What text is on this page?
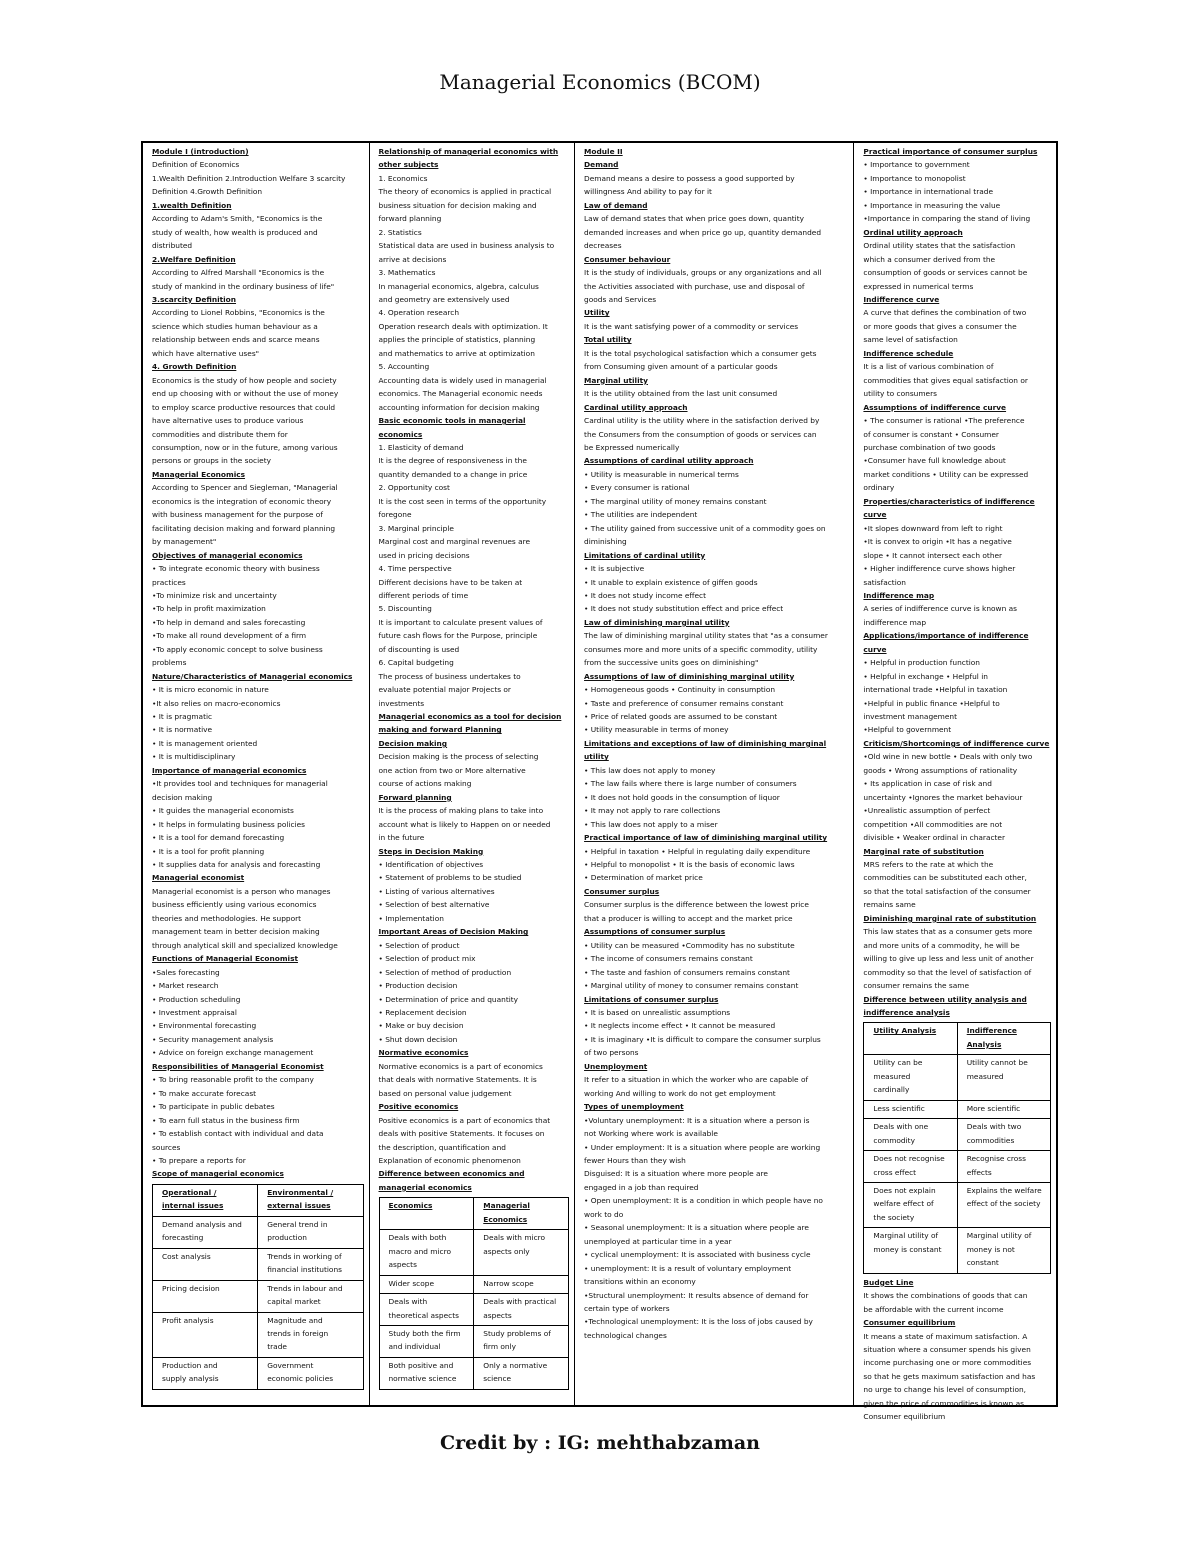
Managerial Economics (BCOM)

Module I (introduction)

Definition of Economics

1.Wealth Definition 2.Introduction Welfare 3 scarcity
Definition 4.Growth Definition

1.wealth Definition

According to Adam's Smith, "Economics is the
study of wealth, how wealth is produced and
distributed

2.Welfare Definition

According to Alfred Marshall "Economics is the
study of mankind in the ordinary business of life"

3.scarcity Definition

According to Lionel Robbins, "Economics is the
science which studies human behaviour as a
relationship between ends and scarce means
which have alternative uses"

4. Growth Definition

Economics is the study of how people and society
end up choosing with or without the use of money
to employ scarce productive resources that could
have alternative uses to produce various
commodities and distribute them for
consumption, now or in the future, among various
persons or groups in the society

Managerial Economics

According to Spencer and Siegleman, "Managerial
economics is the integration of economic theory
with business management for the purpose of
facilitating decision making and forward planning
by management"

Objectives of managerial economics

• To integrate economic theory with business
practices
•To minimize risk and uncertainty
•To help in profit maximization
•To help in demand and sales forecasting
•To make all round development of a firm
•To apply economic concept to solve business
problems

Nature/Characteristics of Managerial economics

• It is micro economic in nature
•It also relies on macro-economics
• It is pragmatic
• It is normative
• It is management oriented
• It is multidisciplinary

Importance of managerial economics

•It provides tool and techniques for managerial
decision making
• It guides the managerial economists
• It helps in formulating business policies
• It is a tool for demand forecasting
• It is a tool for profit planning
• It supplies data for analysis and forecasting

Managerial economist

Managerial economist is a person who manages
business efficiently using various economics
theories and methodologies. He support
management team in better decision making
through analytical skill and specialized knowledge

Functions of Managerial Economist

•Sales forecasting
• Market research
• Production scheduling
• Investment appraisal
• Environmental forecasting
• Security management analysis
• Advice on foreign exchange management

Responsibilities of Managerial Economist

• To bring reasonable profit to the company
• To make accurate forecast
• To participate in public debates
• To earn full status in the business firm
• To establish contact with individual and data
sources
• To prepare a reports for

Scope of managerial economics

Operational /
internal issues	Environmental /
external issues
Demand analysis and
forecasting	General trend in
production
Cost analysis	Trends in working of
financial institutions
Pricing decision	Trends in labour and
capital market
Profit analysis	Magnitude and
trends in foreign
trade
Production and
supply analysis	Government
economic policies

Relationship of managerial economics with
other subjects

1. Economics
The theory of economics is applied in practical
business situation for decision making and
forward planning
2. Statistics
Statistical data are used in business analysis to
arrive at decisions
3. Mathematics
In managerial economics, algebra, calculus
and geometry are extensively used
4. Operation research
Operation research deals with optimization. It
applies the principle of statistics, planning
and mathematics to arrive at optimization
5. Accounting
Accounting data is widely used in managerial
economics. The Managerial economic needs
accounting information for decision making

Basic economic tools in managerial
economics

1. Elasticity of demand
It is the degree of responsiveness in the
quantity demanded to a change in price
2. Opportunity cost
It is the cost seen in terms of the opportunity
foregone
3. Marginal principle
Marginal cost and marginal revenues are
used in pricing decisions
4. Time perspective
Different decisions have to be taken at
different periods of time
5. Discounting
It is important to calculate present values of
future cash flows for the Purpose, principle
of discounting is used
6. Capital budgeting
The process of business undertakes to
evaluate potential major Projects or
investments

Managerial economics as a tool for decision
making and forward Planning

Decision making

Decision making is the process of selecting
one action from two or More alternative
course of actions making

Forward planning

It is the process of making plans to take into
account what is likely to Happen on or needed
in the future

Steps in Decision Making

• Identification of objectives
• Statement of problems to be studied
• Listing of various alternatives
• Selection of best alternative
• Implementation

Important Areas of Decision Making

• Selection of product
• Selection of product mix
• Selection of method of production
• Production decision
• Determination of price and quantity
• Replacement decision
• Make or buy decision
• Shut down decision

Normative economics

Normative economics is a part of economics
that deals with normative Statements. It is
based on personal value judgement

Positive economics

Positive economics is a part of economics that
deals with positive Statements. It focuses on
the description, quantification and
Explanation of economic phenomenon

Difference between economics and
managerial economics

Economics	Managerial
Economics
Deals with both
macro and micro
aspects	Deals with micro
aspects only
Wider scope	Narrow scope
Deals with
theoretical aspects	Deals with practical
aspects
Study both the firm
and individual	Study problems of
firm only
Both positive and
normative science	Only a normative
science

Module II

Demand

Demand means a desire to possess a good supported by
willingness And ability to pay for it

Law of demand

Law of demand states that when price goes down, quantity
demanded increases and when price go up, quantity demanded
decreases

Consumer behaviour

It is the study of individuals, groups or any organizations and all
the Activities associated with purchase, use and disposal of
goods and Services

Utility

It is the want satisfying power of a commodity or services

Total utility

It is the total psychological satisfaction which a consumer gets
from Consuming given amount of a particular goods

Marginal utility

It is the utility obtained from the last unit consumed

Cardinal utility approach

Cardinal utility is the utility where in the satisfaction derived by
the Consumers from the consumption of goods or services can
be Expressed numerically

Assumptions of cardinal utility approach

• Utility is measurable in numerical terms
• Every consumer is rational
• The marginal utility of money remains constant
• The utilities are independent
• The utility gained from successive unit of a commodity goes on
diminishing

Limitations of cardinal utility

• It is subjective
• It unable to explain existence of giffen goods
• It does not study income effect
• It does not study substitution effect and price effect

Law of diminishing marginal utility

The law of diminishing marginal utility states that "as a consumer
consumes more and more units of a specific commodity, utility
from the successive units goes on diminishing"

Assumptions of law of diminishing marginal utility

• Homogeneous goods • Continuity in consumption
• Taste and preference of consumer remains constant
• Price of related goods are assumed to be constant
• Utility measurable in terms of money

Limitations and exceptions of law of diminishing marginal
utility

• This law does not apply to money
• The law fails where there is large number of consumers
• It does not hold goods in the consumption of liquor
• It may not apply to rare collections
• This law does not apply to a miser

Practical importance of law of diminishing marginal utility

• Helpful in taxation • Helpful in regulating daily expenditure
• Helpful to monopolist • It is the basis of economic laws
• Determination of market price

Consumer surplus

Consumer surplus is the difference between the lowest price
that a producer is willing to accept and the market price

Assumptions of consumer surplus

• Utility can be measured •Commodity has no substitute
• The income of consumers remains constant
• The taste and fashion of consumers remains constant
• Marginal utility of money to consumer remains constant

Limitations of consumer surplus

• It is based on unrealistic assumptions
• It neglects income effect • It cannot be measured
• It is imaginary •It is difficult to compare the consumer surplus
of two persons

Unemployment

It refer to a situation in which the worker who are capable of
working And willing to work do not get employment

Types of unemployment

•Voluntary unemployment: It is a situation where a person is
not Working where work is available
• Under employment: It is a situation where people are working
fewer Hours than they wish
Disguised: It is a situation where more people are
engaged in a job than required
• Open unemployment: It is a condition in which people have no
work to do
• Seasonal unemployment: It is a situation where people are
unemployed at particular time in a year
• cyclical unemployment: It is associated with business cycle
• unemployment: It is a result of voluntary employment
transitions within an economy
•Structural unemployment: It results absence of demand for
certain type of workers
•Technological unemployment: It is the loss of jobs caused by
technological changes

Practical importance of consumer surplus

• Importance to government
• Importance to monopolist
• Importance in international trade
• Importance in measuring the value
•Importance in comparing the stand of living

Ordinal utility approach

Ordinal utility states that the satisfaction
which a consumer derived from the
consumption of goods or services cannot be
expressed in numerical terms

Indifference curve

A curve that defines the combination of two
or more goods that gives a consumer the
same level of satisfaction

Indifference schedule

It is a list of various combination of
commodities that gives equal satisfaction or
utility to consumers

Assumptions of indifference curve

• The consumer is rational •The preference
of consumer is constant • Consumer
purchase combination of two goods
•Consumer have full knowledge about
market conditions • Utility can be expressed
ordinary

Properties/characteristics of indifference
curve

•It slopes downward from left to right
•It is convex to origin •It has a negative
slope • It cannot intersect each other
• Higher indifference curve shows higher
satisfaction

Indifference map

A series of indifference curve is known as
indifference map

Applications/importance of indifference
curve

• Helpful in production function
• Helpful in exchange • Helpful in
international trade •Helpful in taxation
•Helpful in public finance •Helpful to
investment management
•Helpful to government

Criticism/Shortcomings of indifference curve

•Old wine in new bottle • Deals with only two
goods • Wrong assumptions of rationality
• Its application in case of risk and
uncertainty •Ignores the market behaviour
•Unrealistic assumption of perfect
competition •All commodities are not
divisible • Weaker ordinal in character

Marginal rate of substitution

MRS refers to the rate at which the
commodities can be substituted each other,
so that the total satisfaction of the consumer
remains same

Diminishing marginal rate of substitution

This law states that as a consumer gets more
and more units of a commodity, he will be
willing to give up less and less unit of another
commodity so that the level of satisfaction of
consumer remains the same

Difference between utility analysis and
indifference analysis

Utility Analysis	Indifference Analysis
Utility can be
measured
cardinally	Utility cannot be
measured
Less scientific	More scientific
Deals with one
commodity	Deals with two
commodities
Does not recognise
cross effect	Recognise cross
effects
Does not explain
welfare effect of
the society	Explains the welfare
effect of the society
Marginal utility of
money is constant	Marginal utility of
money is not
constant

Budget Line

It shows the combinations of goods that can
be affordable with the current income

Consumer equilibrium

It means a state of maximum satisfaction. A
situation where a consumer spends his given
income purchasing one or more commodities
so that he gets maximum satisfaction and has
no urge to change his level of consumption,
given the price of commodities is known as
Consumer equilibrium

Credit by : IG: mehthabzaman
